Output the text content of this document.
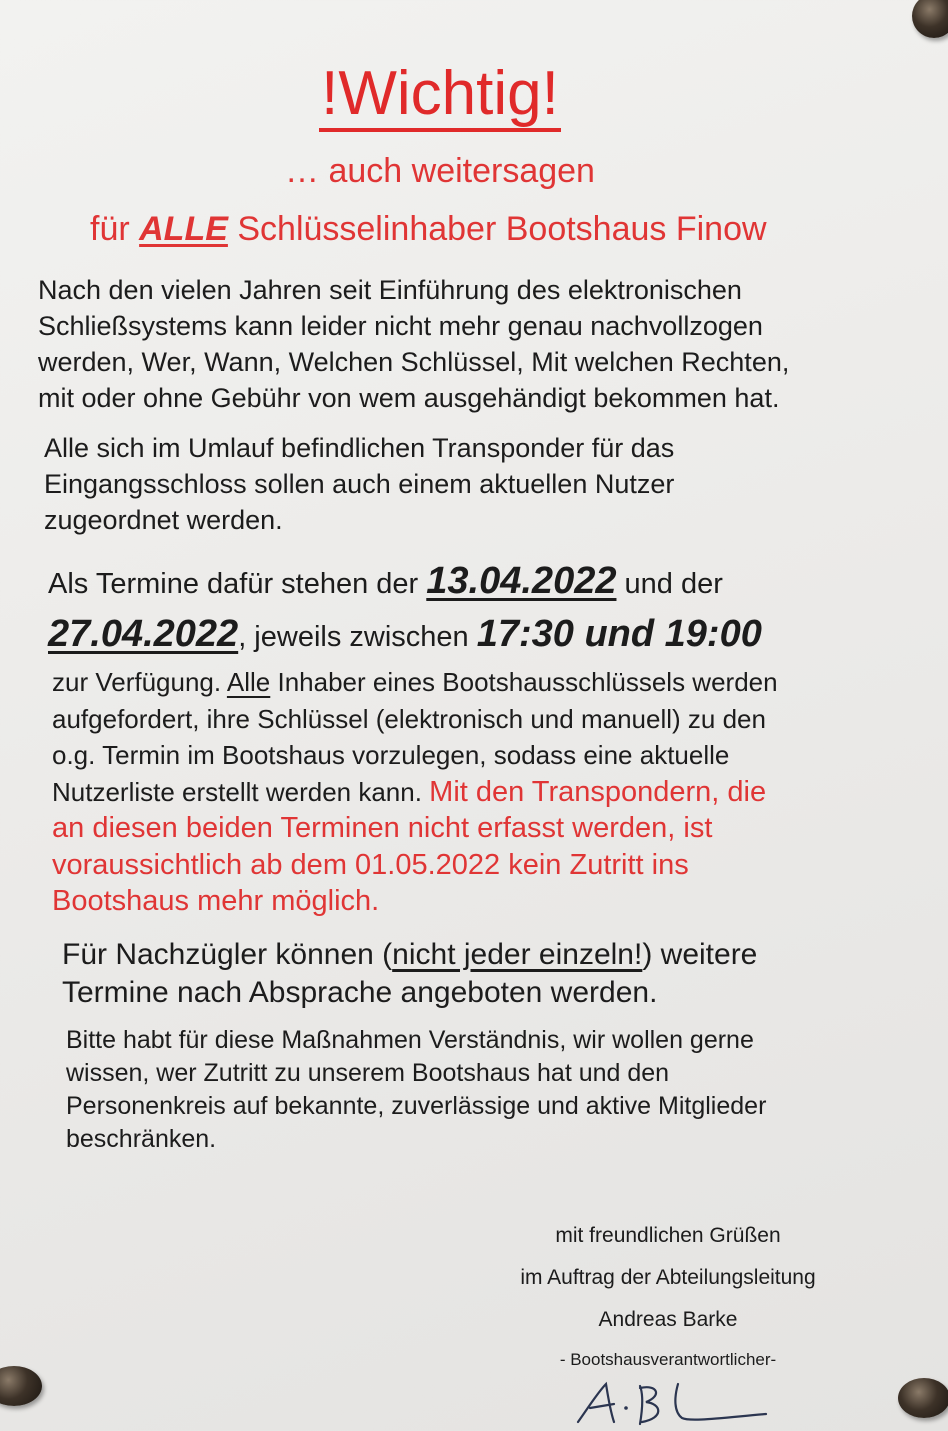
!Wichtig!
… auch weitersagen
für ALLE Schlüsselinhaber Bootshaus Finow
Nach den vielen Jahren seit Einführung des elektronischen
Schließsystems kann leider nicht mehr genau nachvollzogen
werden, Wer, Wann, Welchen Schlüssel, Mit welchen Rechten,
mit oder ohne Gebühr von wem ausgehändigt bekommen hat.
Alle sich im Umlauf befindlichen Transponder für das
Eingangsschloss sollen auch einem aktuellen Nutzer
zugeordnet werden.
Als Termine dafür stehen der 13.04.2022 und der
27.04.2022, jeweils zwischen 17:30 und 19:00
zur Verfügung. Alle Inhaber eines Bootshausschlüssels werden
aufgefordert, ihre Schlüssel (elektronisch und manuell) zu den
o.g. Termin im Bootshaus vorzulegen, sodass eine aktuelle
Nutzerliste erstellt werden kann. Mit den Transpondern, die
an diesen beiden Terminen nicht erfasst werden, ist
voraussichtlich ab dem 01.05.2022 kein Zutritt ins
Bootshaus mehr möglich.
Für Nachzügler können (nicht jeder einzeln!) weitere
Termine nach Absprache angeboten werden.
Bitte habt für diese Maßnahmen Verständnis, wir wollen gerne
wissen, wer Zutritt zu unserem Bootshaus hat und den
Personenkreis auf bekannte, zuverlässige und aktive Mitglieder
beschränken.
mit freundlichen Grüßen
im Auftrag der Abteilungsleitung
Andreas Barke
- Bootshausverantwortlicher-
